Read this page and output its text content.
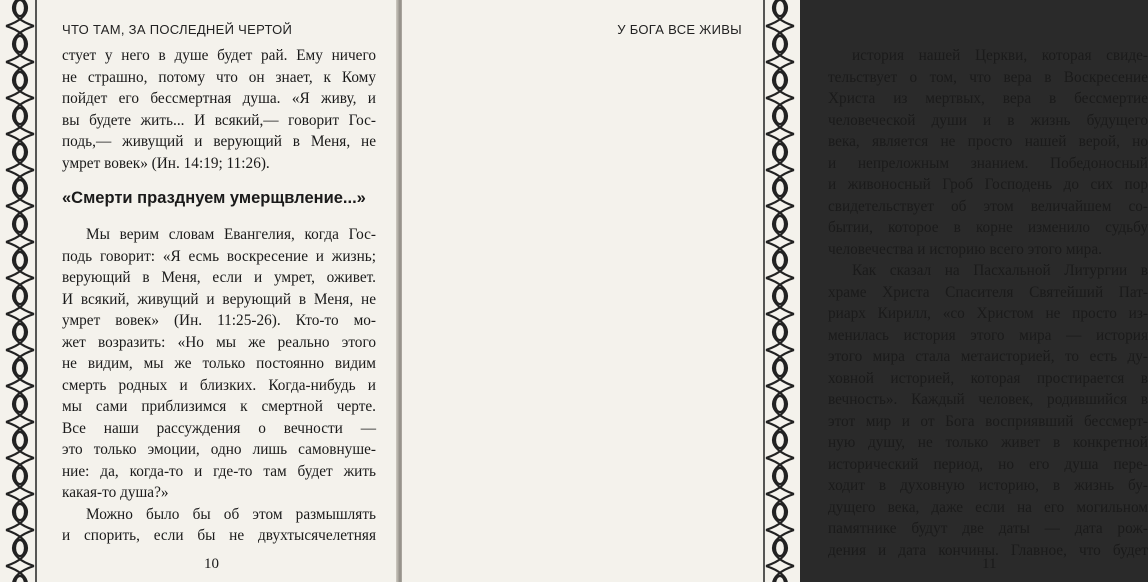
ЧТО ТАМ, ЗА ПОСЛЕДНЕЙ ЧЕРТОЙ
стует у него в душе будет рай. Ему ничего
не страшно, потому что он знает, к Кому
пойдет его бессмертная душа. «Я живу, и
вы будете жить... И всякий,— говорит Гос-
подь,— живущий и верующий в Меня, не
умрет вовек» (Ин. 14:19; 11:26).
«Смерти празднуем умерщвление...»
Мы верим словам Евангелия, когда Гос-
подь говорит: «Я есмь воскресение и жизнь;
верующий в Меня, если и умрет, оживет.
И всякий, живущий и верующий в Меня, не
умрет вовек» (Ин. 11:25-26). Кто-то мо-
жет возразить: «Но мы же реально этого
не видим, мы же только постоянно видим
смерть родных и близких. Когда-нибудь и
мы сами приблизимся к смертной черте.
Все наши рассуждения о вечности —
это только эмоции, одно лишь самовнуше-
ние: да, когда-то и где-то там будет жить
какая-то душа?»
Можно было бы об этом размышлять
и спорить, если бы не двухтысячелетняя
10
У БОГА ВСЕ ЖИВЫ
история нашей Церкви, которая свиде-
тельствует о том, что вера в Воскресение
Христа из мертвых, вера в бессмертие
человеческой души и в жизнь будущего
века, является не просто нашей верой, но
и непреложным знанием. Победоносный
и живоносный Гроб Господень до сих пор
свидетельствует об этом величайшем со-
бытии, которое в корне изменило судьбу
человечества и историю всего этого мира.
Как сказал на Пасхальной Литургии в
храме Христа Спасителя Святейший Пат-
риарх Кирилл, «со Христом не просто из-
менилась история этого мира — история
этого мира стала метаисторией, то есть ду-
ховной историей, которая простирается в
вечность». Каждый человек, родившийся в
этот мир и от Бога восприявший бессмерт-
ную душу, не только живет в конкретной
исторический период, но его душа пере-
ходит в духовную историю, в жизнь бу-
дущего века, даже если на его могильном
памятнике будут две даты — дата рож-
дения и дата кончины. Главное, что будет
11
